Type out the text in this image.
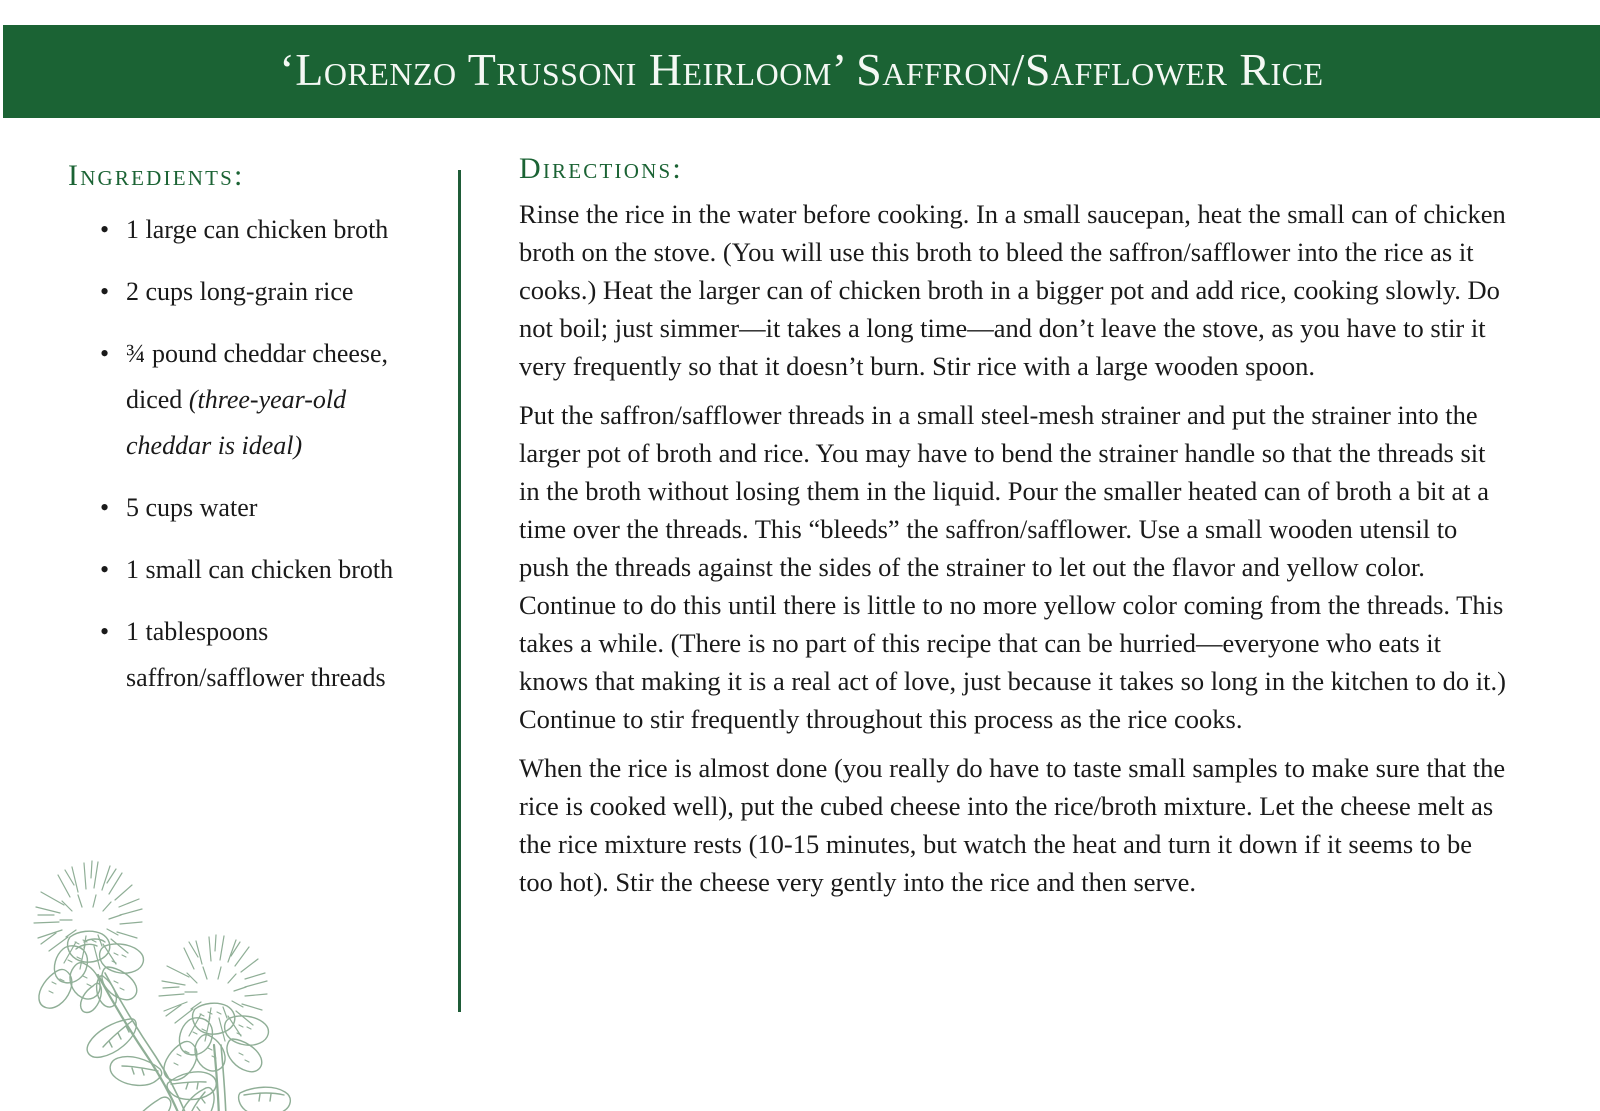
‘Lorenzo Trussoni Heirloom’ Saffron/Safflower Rice
Ingredients:
• 1 large can chicken broth
• 2 cups long-grain rice
• ¾ pound cheddar cheese, diced (three-year-old cheddar is ideal)
• 5 cups water
• 1 small can chicken broth
• 1 tablespoons saffron/safflower threads
Directions:

Rinse the rice in the water before cooking. In a small saucepan, heat the small can of chicken broth on the stove. (You will use this broth to bleed the saffron/safflower into the rice as it cooks.) Heat the larger can of chicken broth in a bigger pot and add rice, cooking slowly. Do not boil; just simmer—it takes a long time—and don’t leave the stove, as you have to stir it very frequently so that it doesn’t burn. Stir rice with a large wooden spoon.

Put the saffron/safflower threads in a small steel-mesh strainer and put the strainer into the larger pot of broth and rice. You may have to bend the strainer handle so that the threads sit in the broth without losing them in the liquid. Pour the smaller heated can of broth a bit at a time over the threads. This “bleeds” the saffron/safflower. Use a small wooden utensil to push the threads against the sides of the strainer to let out the flavor and yellow color. Continue to do this until there is little to no more yellow color coming from the threads. This takes a while. (There is no part of this recipe that can be hurried—everyone who eats it knows that making it is a real act of love, just because it takes so long in the kitchen to do it.) Continue to stir frequently throughout this process as the rice cooks.

When the rice is almost done (you really do have to taste small samples to make sure that the rice is cooked well), put the cubed cheese into the rice/broth mixture. Let the cheese melt as the rice mixture rests (10-15 minutes, but watch the heat and turn it down if it seems to be too hot). Stir the cheese very gently into the rice and then serve.
